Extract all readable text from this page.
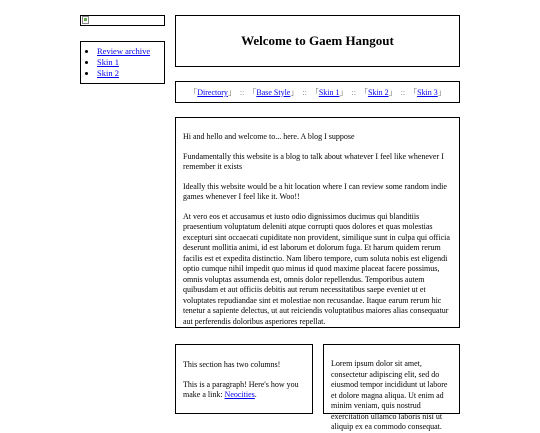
• Review archive
• Skin 1
• Skin 2
Welcome to Gaem Hangout
「Directory」 :: 「Base Style」 :: 「Skin 1」 :: 「Skin 2」 :: 「Skin 3」

Hi and hello and welcome to... here. A blog I suppose

Fundamentally this website is a blog to talk about whatever I feel like whenever I remember it exists

Ideally this website would be a hit location where I can review some random indie games whenever I feel like it. Woo!!

At vero eos et accusamus et iusto odio dignissimos ducimus qui blanditiis praesentium voluptatum deleniti atque corrupti quos dolores et quas molestias excepturi sint occaecati cupiditate non provident, similique sunt in culpa qui officia deserunt mollitia animi, id est laborum et dolorum fuga. Et harum quidem rerum facilis est et expedita distinctio. Nam libero tempore, cum soluta nobis est eligendi optio cumque nihil impedit quo minus id quod maxime placeat facere possimus, omnis voluptas assumenda est, omnis dolor repellendus. Temporibus autem quibusdam et aut officiis debitis aut rerum necessitatibus saepe eveniet ut et voluptates repudiandae sint et molestiae non recusandae. Itaque earum rerum hic tenetur a sapiente delectus, ut aut reiciendis voluptatibus maiores alias consequatur aut perferendis doloribus asperiores repellat.

This section has two columns!

This is a paragraph! Here's how you make a link: Neocities.

Lorem ipsum dolor sit amet, consectetur adipiscing elit, sed do eiusmod tempor incididunt ut labore et dolore magna aliqua. Ut enim ad minim veniam, quis nostrud exercitation ullamco laboris nisi ut aliquip ex ea commodo consequat.
